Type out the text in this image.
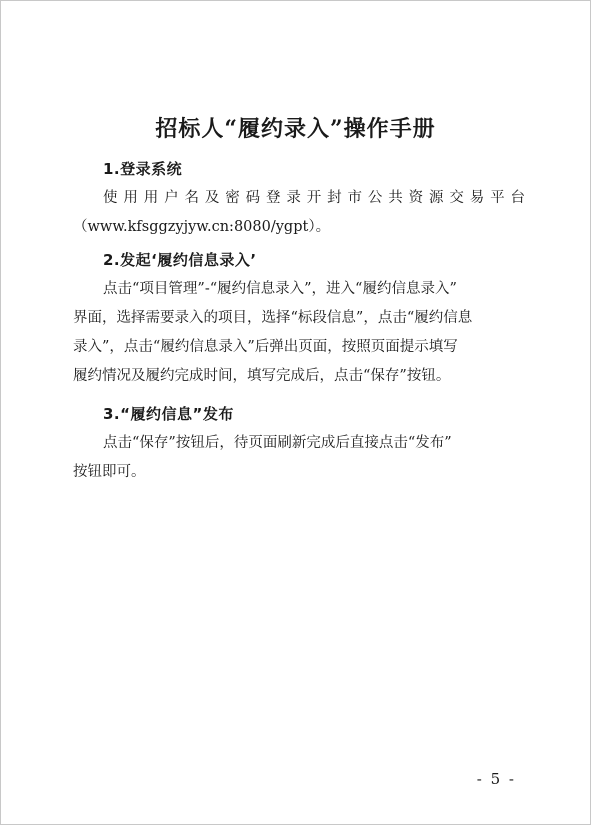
招标人“履约录入”操作手册
1.登录系统
使用用户名及密码登录开封市公共资源交易平台
（www.kfsggzyjyw.cn:8080/ygpt）。
2.发起‘履约信息录入’
点击“项目管理”-“履约信息录入”，进入“履约信息录入”
界面，选择需要录入的项目，选择“标段信息”，点击“履约信息
录入”，点击“履约信息录入”后弹出页面，按照页面提示填写
履约情况及履约完成时间，填写完成后，点击“保存”按钮。
3.“履约信息”发布
点击“保存”按钮后，待页面刷新完成后直接点击“发布”
按钮即可。
- 5 -
